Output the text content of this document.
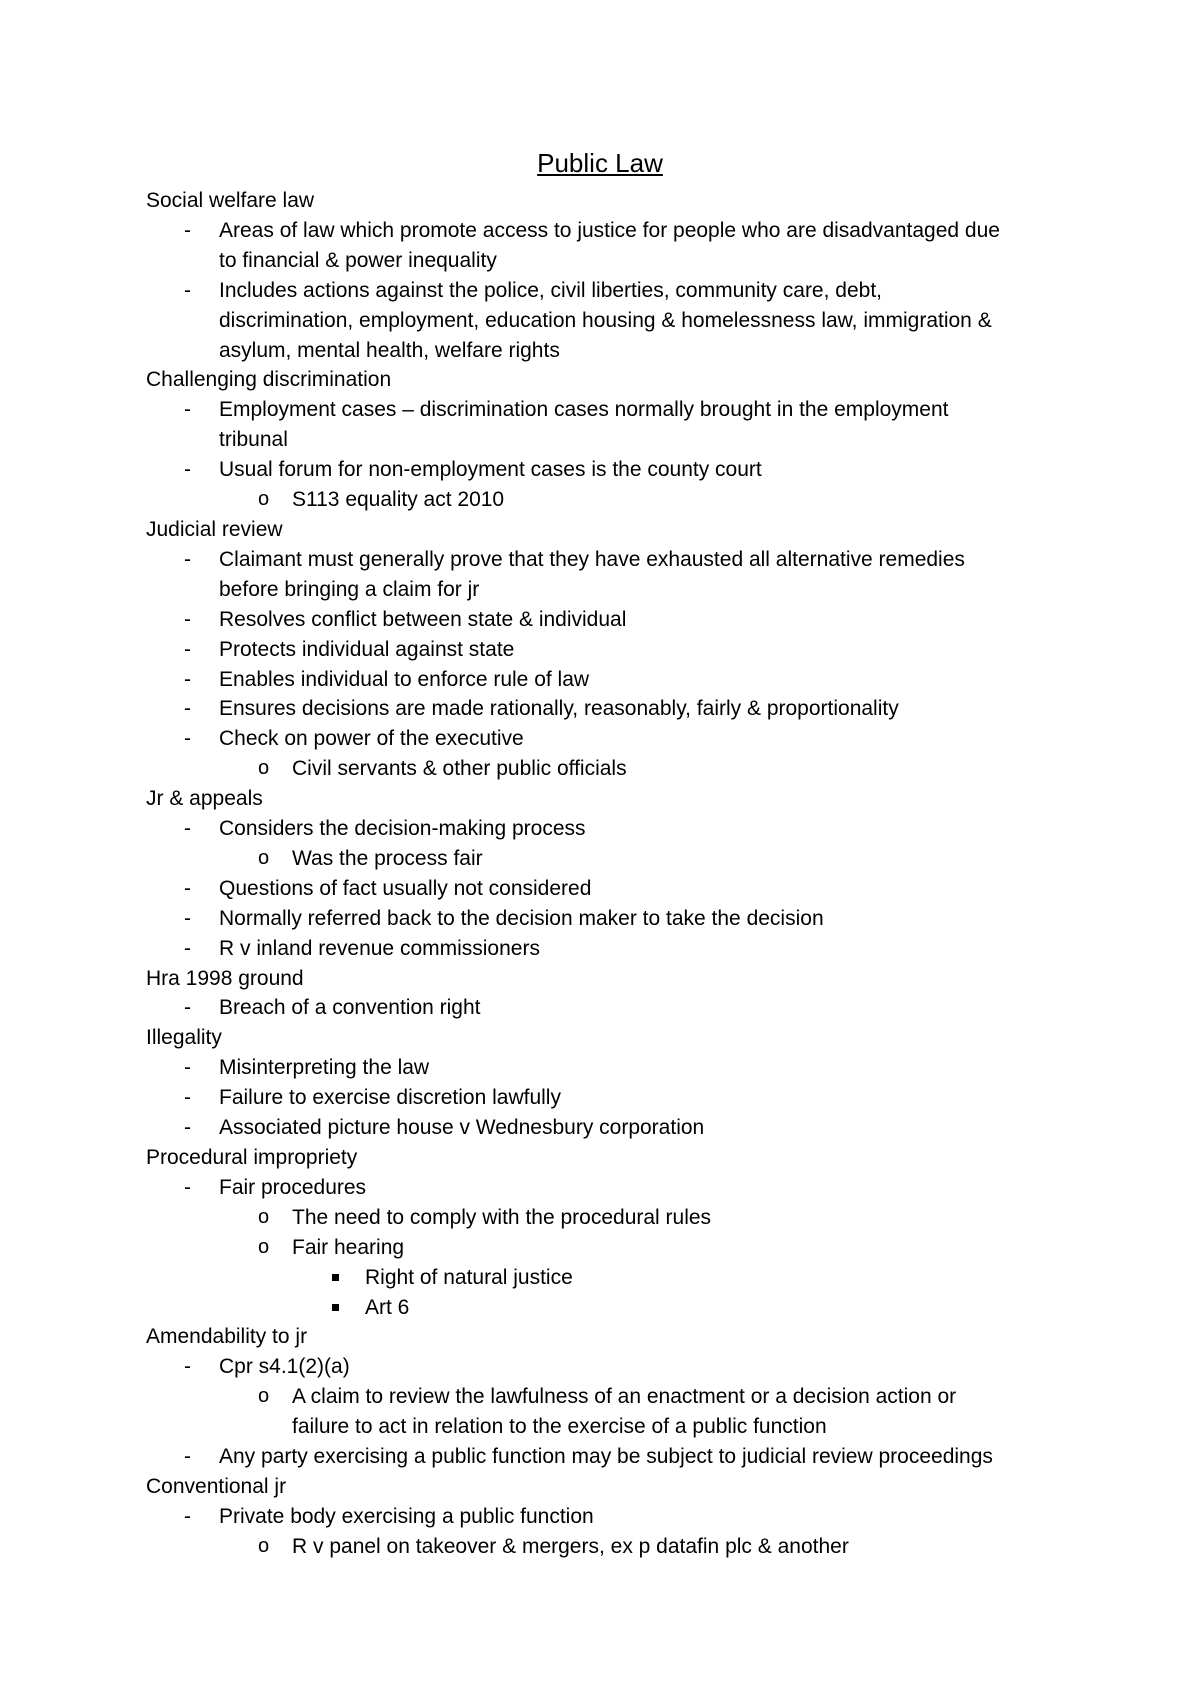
Public Law
Social welfare law
- Areas of law which promote access to justice for people who are disadvantaged due
to financial & power inequality
- Includes actions against the police, civil liberties, community care, debt,
discrimination, employment, education housing & homelessness law, immigration &
asylum, mental health, welfare rights
Challenging discrimination
- Employment cases – discrimination cases normally brought in the employment
tribunal
- Usual forum for non-employment cases is the county court
o S113 equality act 2010
Judicial review
- Claimant must generally prove that they have exhausted all alternative remedies
before bringing a claim for jr
- Resolves conflict between state & individual
- Protects individual against state
- Enables individual to enforce rule of law
- Ensures decisions are made rationally, reasonably, fairly & proportionality
- Check on power of the executive
o Civil servants & other public officials
Jr & appeals
- Considers the decision-making process
o Was the process fair
- Questions of fact usually not considered
- Normally referred back to the decision maker to take the decision
- R v inland revenue commissioners
Hra 1998 ground
- Breach of a convention right
Illegality
- Misinterpreting the law
- Failure to exercise discretion lawfully
- Associated picture house v Wednesbury corporation
Procedural impropriety
- Fair procedures
o The need to comply with the procedural rules
o Fair hearing
Right of natural justice
Art 6
Amendability to jr
- Cpr s4.1(2)(a)
o A claim to review the lawfulness of an enactment or a decision action or
failure to act in relation to the exercise of a public function
- Any party exercising a public function may be subject to judicial review proceedings
Conventional jr
- Private body exercising a public function
o R v panel on takeover & mergers, ex p datafin plc & another
